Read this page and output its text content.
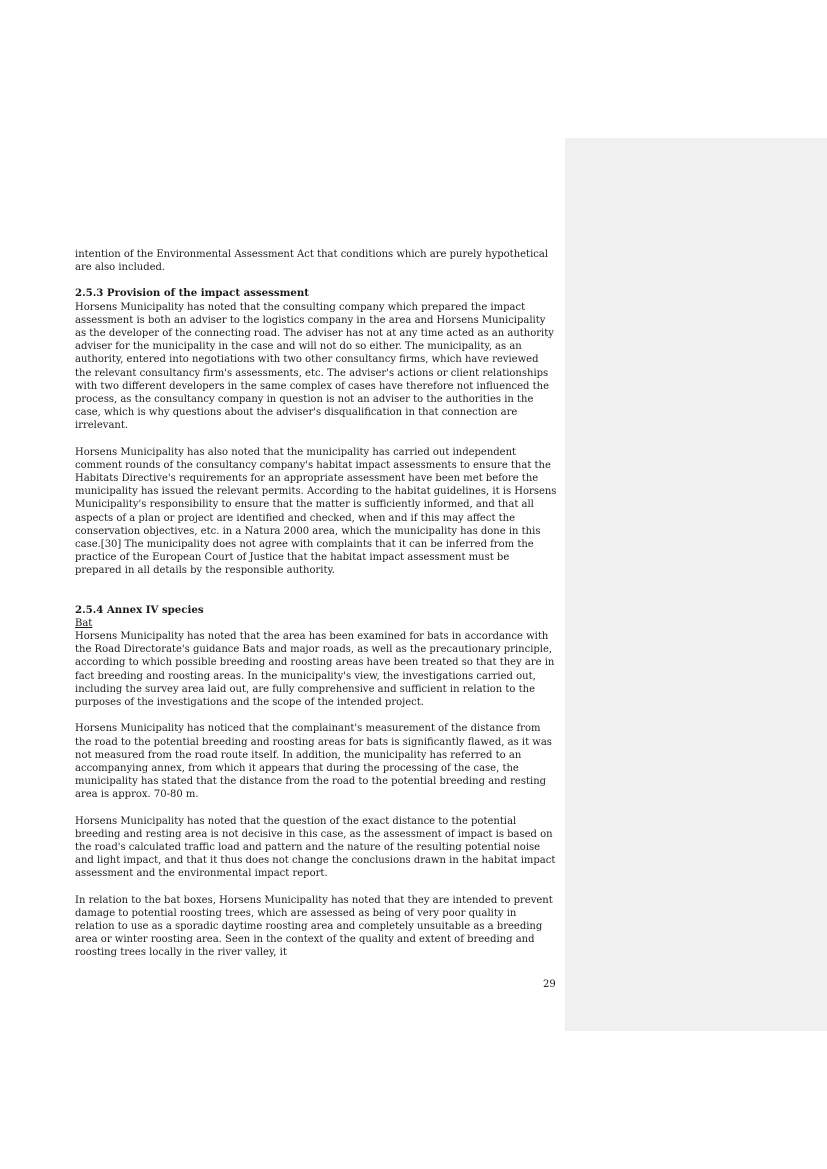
intention of the Environmental Assessment Act that conditions which are purely hypothetical are also included.

2.5.3 Provision of the impact assessment

Horsens Municipality has noted that the consulting company which prepared the impact assessment is both an adviser to the logistics company in the area and Horsens Municipality as the developer of the connecting road. The adviser has not at any time acted as an authority adviser for the municipality in the case and will not do so either. The municipality, as an authority, entered into negotiations with two other consultancy firms, which have reviewed the relevant consultancy firm's assessments, etc. The adviser's actions or client relationships with two different developers in the same complex of cases have therefore not influenced the process, as the consultancy company in question is not an adviser to the authorities in the case, which is why questions about the adviser's disqualification in that connection are irrelevant.

Horsens Municipality has also noted that the municipality has carried out independent comment rounds of the consultancy company's habitat impact assessments to ensure that the Habitats Directive's requirements for an appropriate assessment have been met before the municipality has issued the relevant permits. According to the habitat guidelines, it is Horsens Municipality's responsibility to ensure that the matter is sufficiently informed, and that all aspects of a plan or project are identified and checked, when and if this may affect the conservation objectives, etc. in a Natura 2000 area, which the municipality has done in this case.[30] The municipality does not agree with complaints that it can be inferred from the practice of the European Court of Justice that the habitat impact assessment must be prepared in all details by the responsible authority.

2.5.4 Annex IV species

Bat

Horsens Municipality has noted that the area has been examined for bats in accordance with the Road Directorate's guidance Bats and major roads, as well as the precautionary principle, according to which possible breeding and roosting areas have been treated so that they are in fact breeding and roosting areas. In the municipality's view, the investigations carried out, including the survey area laid out, are fully comprehensive and sufficient in relation to the purposes of the investigations and the scope of the intended project.

Horsens Municipality has noticed that the complainant's measurement of the distance from the road to the potential breeding and roosting areas for bats is significantly flawed, as it was not measured from the road route itself. In addition, the municipality has referred to an accompanying annex, from which it appears that during the processing of the case, the municipality has stated that the distance from the road to the potential breeding and resting area is approx. 70-80 m.

Horsens Municipality has noted that the question of the exact distance to the potential breeding and resting area is not decisive in this case, as the assessment of impact is based on the road's calculated traffic load and pattern and the nature of the resulting potential noise and light impact, and that it thus does not change the conclusions drawn in the habitat impact assessment and the environmental impact report.

In relation to the bat boxes, Horsens Municipality has noted that they are intended to prevent damage to potential roosting trees, which are assessed as being of very poor quality in relation to use as a sporadic daytime roosting area and completely unsuitable as a breeding area or winter roosting area. Seen in the context of the quality and extent of breeding and roosting trees locally in the river valley, it

29
